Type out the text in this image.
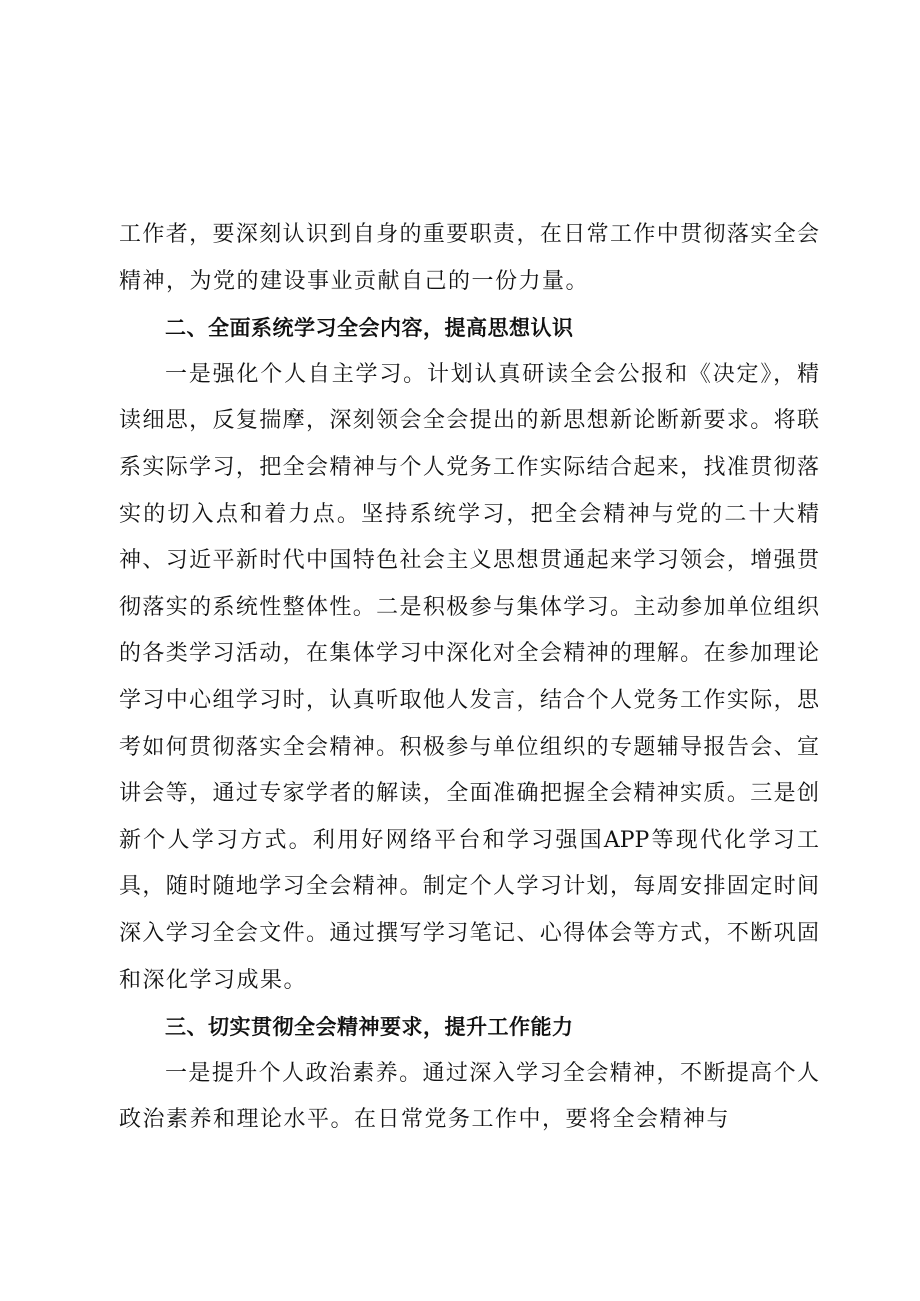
工作者，要深刻认识到自身的重要职责，在日常工作中贯彻落实全会
精神，为党的建设事业贡献自己的一份力量。
二、全面系统学习全会内容，提高思想认识
一是强化个人自主学习。计划认真研读全会公报和《决定》，精
读细思，反复揣摩，深刻领会全会提出的新思想新论断新要求。将联
系实际学习，把全会精神与个人党务工作实际结合起来，找准贯彻落
实的切入点和着力点。坚持系统学习，把全会精神与党的二十大精
神、习近平新时代中国特色社会主义思想贯通起来学习领会，增强贯
彻落实的系统性整体性。二是积极参与集体学习。主动参加单位组织
的各类学习活动，在集体学习中深化对全会精神的理解。在参加理论
学习中心组学习时，认真听取他人发言，结合个人党务工作实际，思
考如何贯彻落实全会精神。积极参与单位组织的专题辅导报告会、宣
讲会等，通过专家学者的解读，全面准确把握全会精神实质。三是创
新个人学习方式。利用好网络平台和学习强国APP等现代化学习工
具，随时随地学习全会精神。制定个人学习计划，每周安排固定时间
深入学习全会文件。通过撰写学习笔记、心得体会等方式，不断巩固
和深化学习成果。
三、切实贯彻全会精神要求，提升工作能力
一是提升个人政治素养。通过深入学习全会精神，不断提高个人
政治素养和理论水平。在日常党务工作中，要将全会精神与
